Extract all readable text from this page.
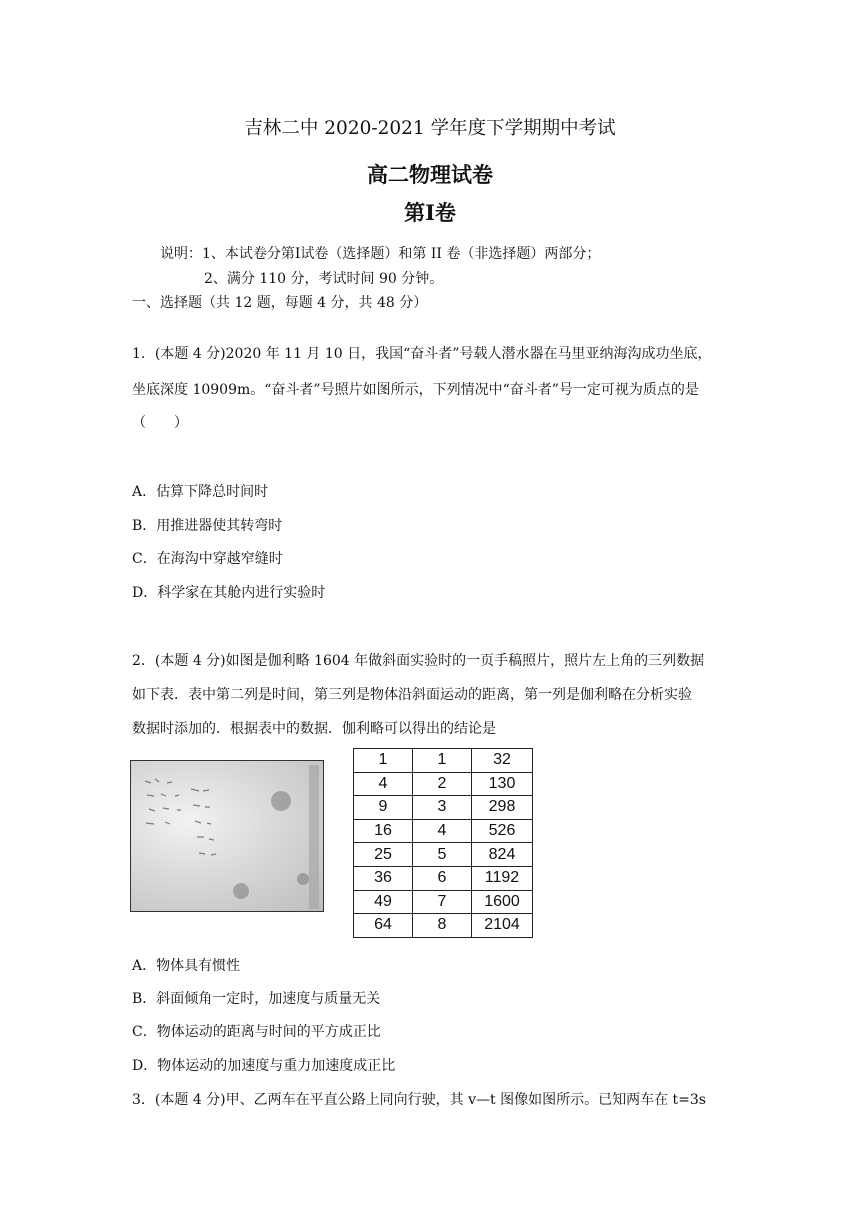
吉林二中 2020-2021 学年度下学期期中考试
高二物理试卷
第Ⅰ卷
说明：1、本试卷分第Ⅰ试卷（选择题）和第 II 卷（非选择题）两部分；
2、满分 110 分，考试时间 90 分钟。
一、选择题（共 12 题，每题 4 分，共 48 分）
1．(本题 4 分)2020 年 11 月 10 日，我国“奋斗者”号载人潜水器在马里亚纳海沟成功坐底，
坐底深度 10909m。“奋斗者”号照片如图所示，下列情况中“奋斗者”号一定可视为质点的是
（　　）
A．估算下降总时间时
B．用推进器使其转弯时
C．在海沟中穿越窄缝时
D．科学家在其舱内进行实验时
2．(本题 4 分)如图是伽利略 1604 年做斜面实验时的一页手稿照片，照片左上角的三列数据
如下表．表中第二列是时间，第三列是物体沿斜面运动的距离，第一列是伽利略在分析实验
数据时添加的．根据表中的数据．伽利略可以得出的结论是
1	1	32
4	2	130
9	3	298
16	4	526
25	5	824
36	6	1192
49	7	1600
64	8	2104
A．物体具有惯性
B．斜面倾角一定时，加速度与质量无关
C．物体运动的距离与时间的平方成正比
D．物体运动的加速度与重力加速度成正比
3．(本题 4 分)甲、乙两车在平直公路上同向行驶，其 v—t 图像如图所示。已知两车在 t=3s
